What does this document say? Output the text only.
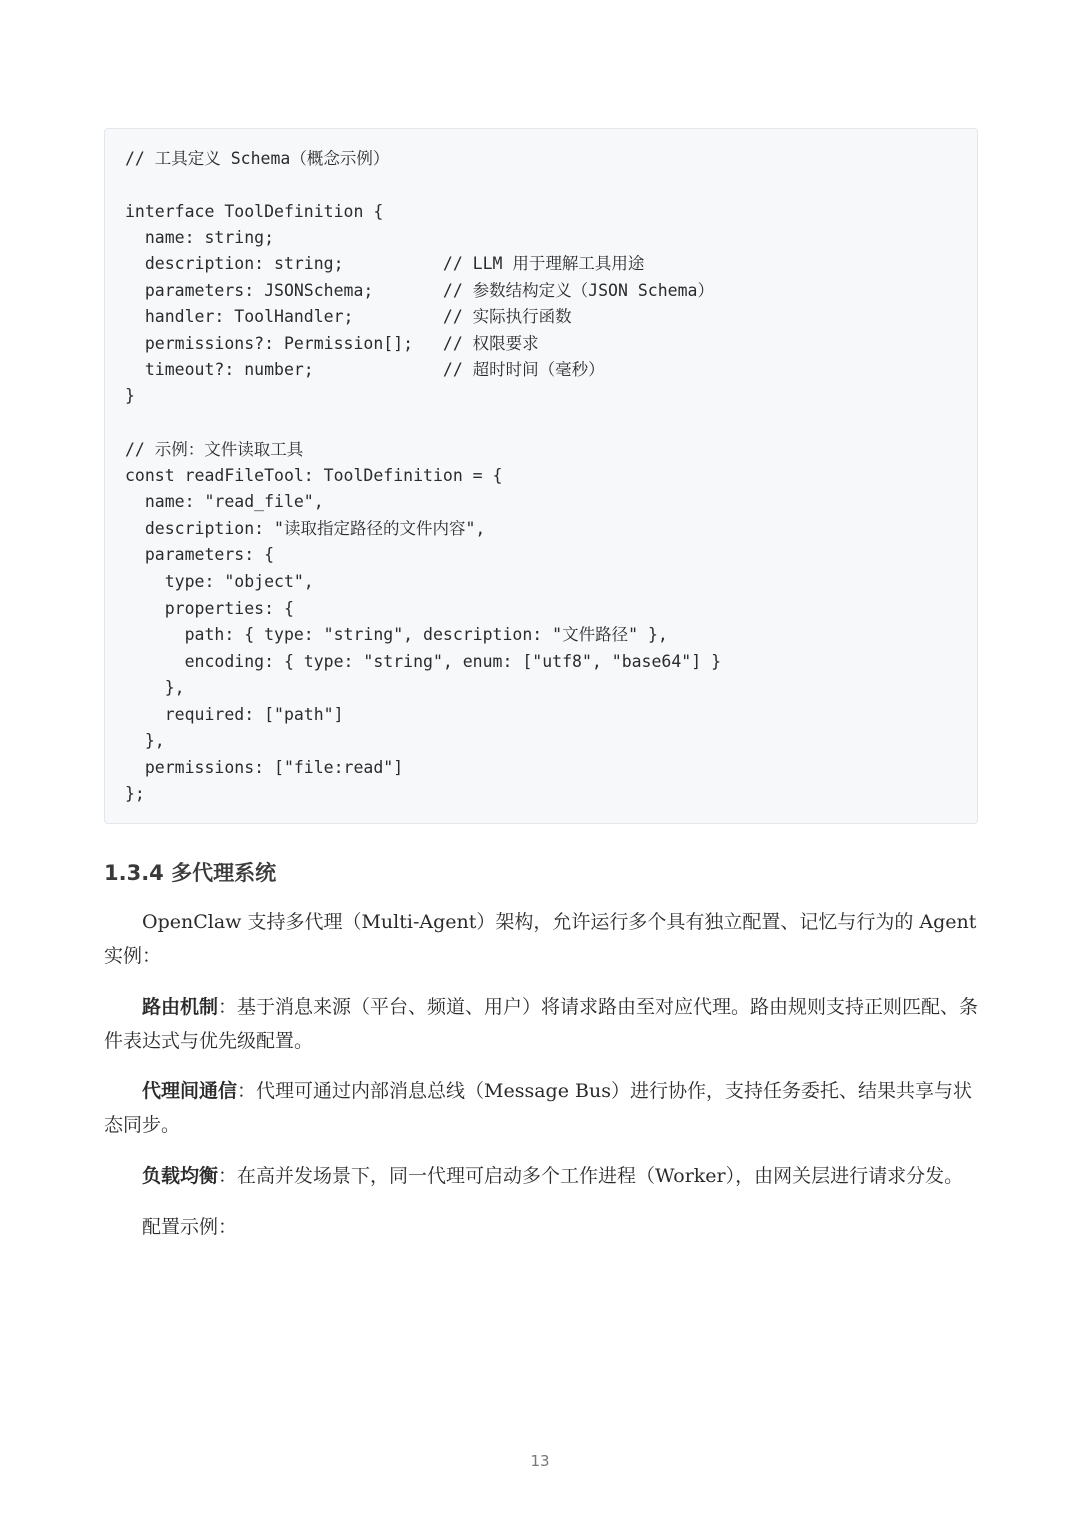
// 工具定义 Schema（概念示例）
interface ToolDefinition {
name: string;
description: string;          // LLM 用于理解工具用途
parameters: JSONSchema;       // 参数结构定义（JSON Schema）
handler: ToolHandler;         // 实际执行函数
permissions?: Permission[];   // 权限要求
timeout?: number;             // 超时时间（毫秒）
}
// 示例：文件读取工具
const readFileTool: ToolDefinition = {
name: "read_file",
description: "读取指定路径的文件内容",
parameters: {
type: "object",
properties: {
path: { type: "string", description: "文件路径" },
encoding: { type: "string", enum: ["utf8", "base64"] }
},
required: ["path"]
},
permissions: ["file:read"]
};
1.3.4 多代理系统

OpenClaw 支持多代理（Multi-Agent）架构，允许运行多个具有独立配置、记忆与行为的 Agent 实例：

路由机制：基于消息来源（平台、频道、用户）将请求路由至对应代理。路由规则支持正则匹配、条件表达式与优先级配置。

代理间通信：代理可通过内部消息总线（Message Bus）进行协作，支持任务委托、结果共享与状态同步。

负载均衡：在高并发场景下，同一代理可启动多个工作进程（Worker），由网关层进行请求分发。

配置示例：

13
